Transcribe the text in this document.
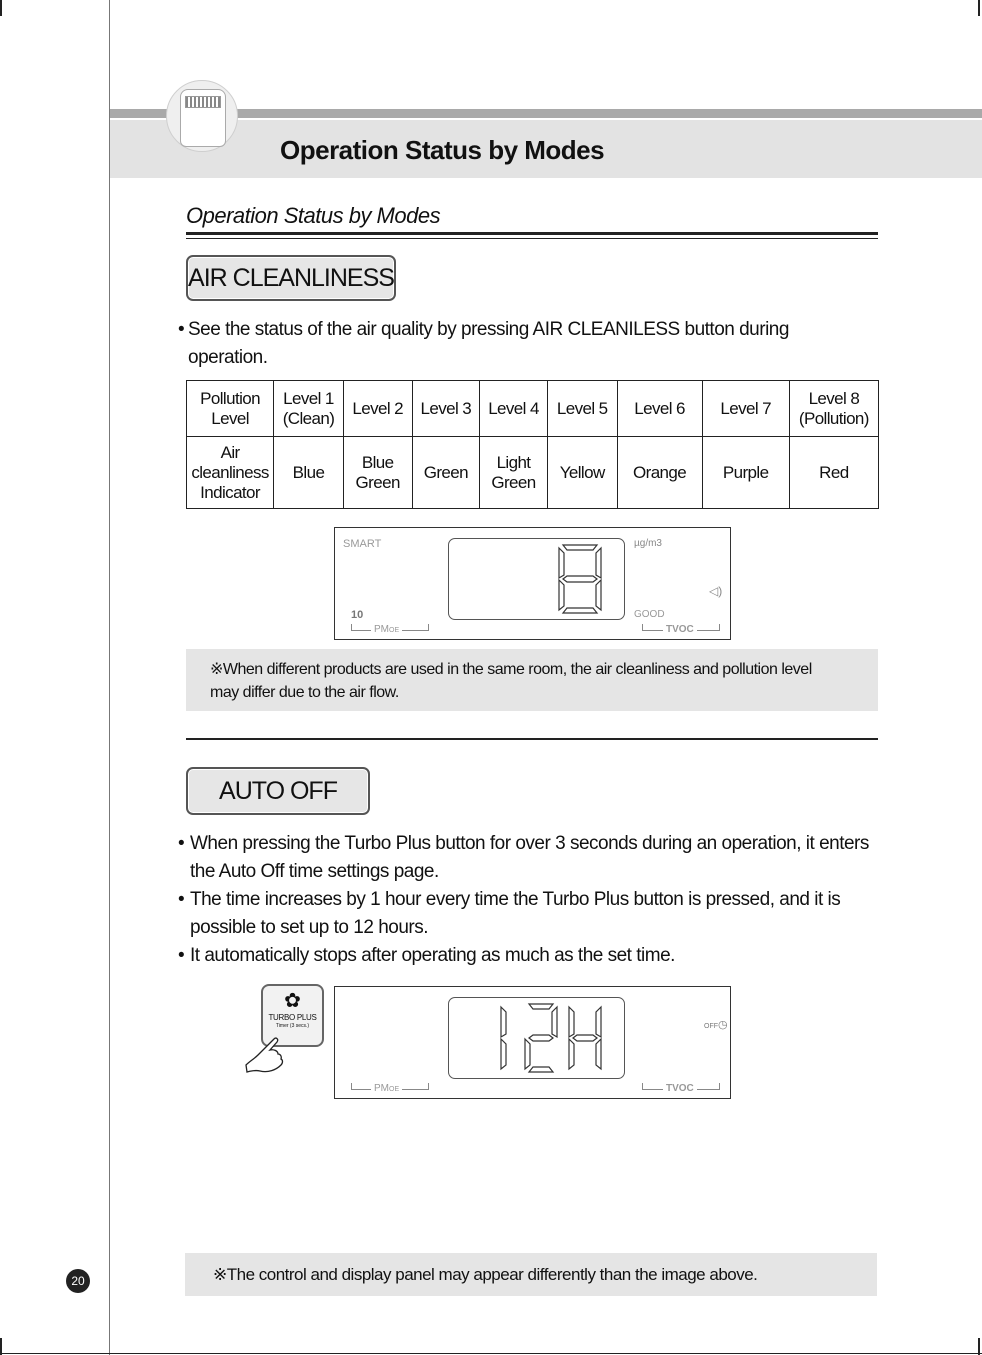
Operation Status by Modes
Operation Status by Modes
AIR CLEANLINESS
• See the status of the air quality by pressing AIR CLEANILESS button during operation.
Pollution Level	Level 1 (Clean)	Level 2	Level 3	Level 4	Level 5	Level 6	Level 7	Level 8 (Pollution)
Air cleanliness Indicator	Blue	Blue Green	Green	Light Green	Yellow	Orange	Purple	Red
SMART	µg/m3
◁)
10	GOOD
PMOE	TVOC
※When different products are used in the same room, the air cleanliness and pollution level may differ due to the air flow.
AUTO OFF
• When pressing the Turbo Plus button for over 3 seconds during an operation, it enters the Auto Off time settings page.
• The time increases by 1 hour every time the Turbo Plus button is pressed, and it is possible to set up to 12 hours.
• It automatically stops after operating as much as the set time.
✿
TURBO PLUS
Timer (3 secs.)	OFF◷
PMOE	TVOC
※The control and display panel may appear differently than the image above.
20
